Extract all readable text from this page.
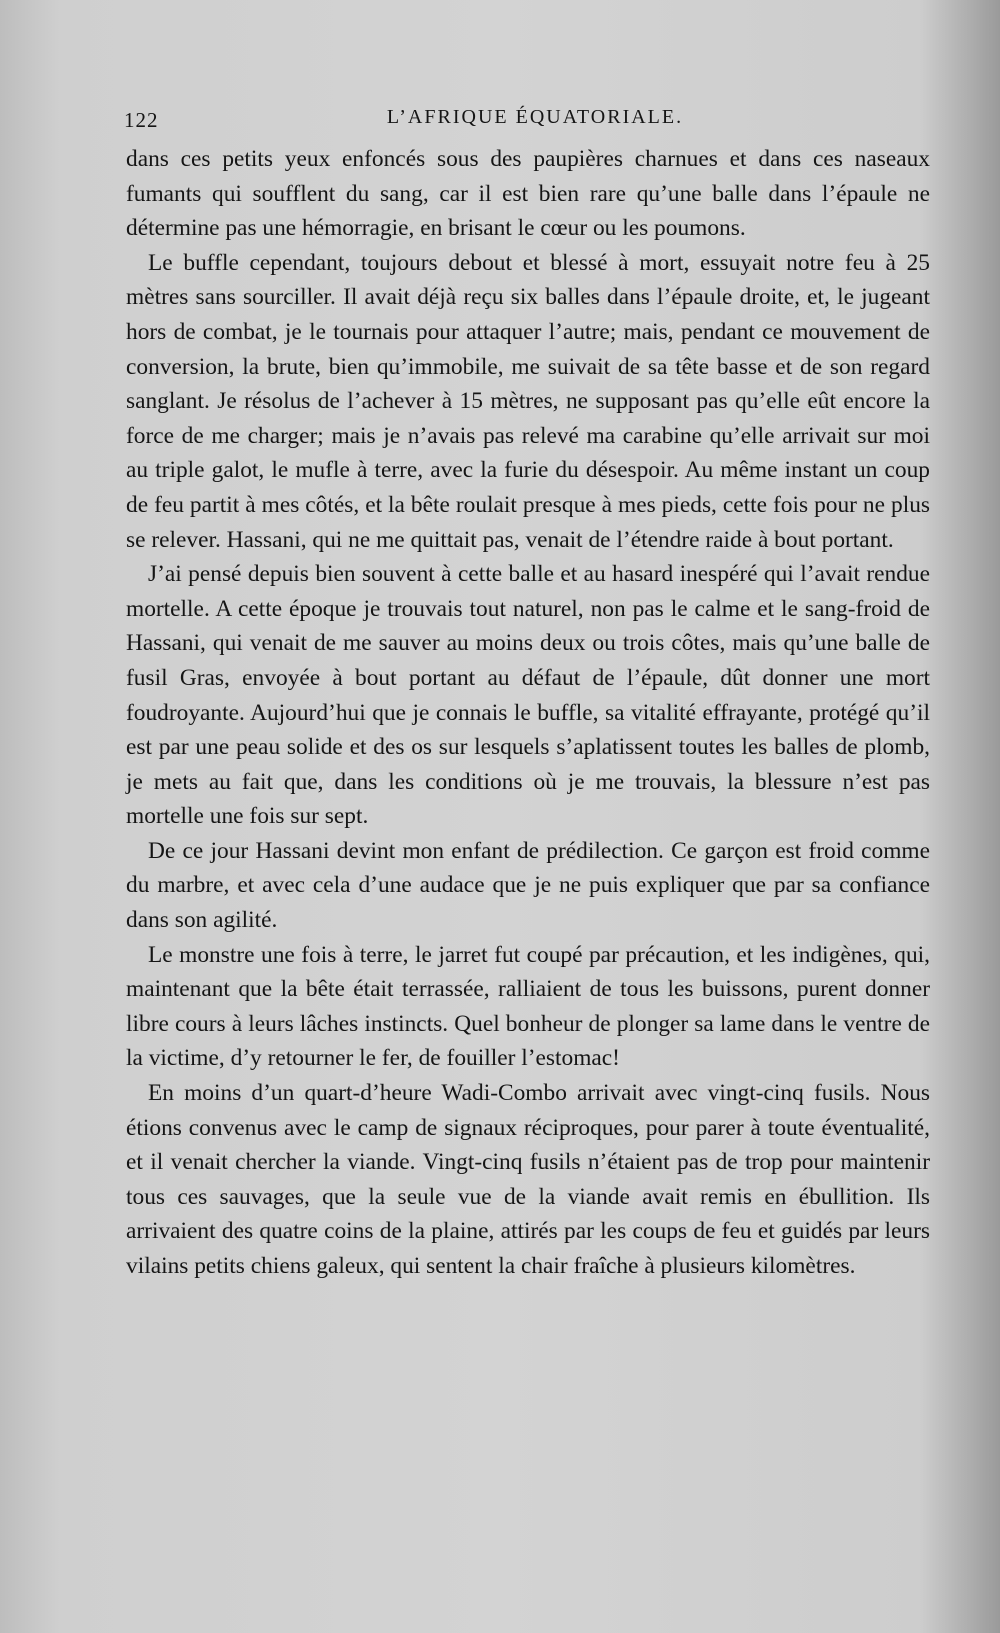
122	L’AFRIQUE ÉQUATORIALE.

dans ces petits yeux enfoncés sous des paupières charnues et dans ces naseaux fumants qui soufflent du sang, car il est bien rare qu’une balle dans l’épaule ne détermine pas une hémorragie, en brisant le cœur ou les poumons.

Le buffle cependant, toujours debout et blessé à mort, essuyait notre feu à 25 mètres sans sourciller. Il avait déjà reçu six balles dans l’épaule droite, et, le jugeant hors de combat, je le tournais pour attaquer l’autre; mais, pendant ce mouvement de conversion, la brute, bien qu’immobile, me suivait de sa tête basse et de son regard sanglant. Je résolus de l’achever à 15 mètres, ne supposant pas qu’elle eût encore la force de me charger; mais je n’avais pas relevé ma carabine qu’elle arrivait sur moi au triple galot, le mufle à terre, avec la furie du désespoir. Au même instant un coup de feu partit à mes côtés, et la bête roulait presque à mes pieds, cette fois pour ne plus se relever. Hassani, qui ne me quittait pas, venait de l’étendre raide à bout portant.

J’ai pensé depuis bien souvent à cette balle et au hasard inespéré qui l’avait rendue mortelle. A cette époque je trouvais tout naturel, non pas le calme et le sang-froid de Hassani, qui venait de me sauver au moins deux ou trois côtes, mais qu’une balle de fusil Gras, envoyée à bout portant au défaut de l’épaule, dût donner une mort foudroyante. Aujourd’hui que je connais le buffle, sa vitalité effrayante, protégé qu’il est par une peau solide et des os sur lesquels s’aplatissent toutes les balles de plomb, je mets au fait que, dans les conditions où je me trouvais, la blessure n’est pas mortelle une fois sur sept.

De ce jour Hassani devint mon enfant de prédilection. Ce garçon est froid comme du marbre, et avec cela d’une audace que je ne puis expliquer que par sa confiance dans son agilité.

Le monstre une fois à terre, le jarret fut coupé par précaution, et les indigènes, qui, maintenant que la bête était terrassée, ralliaient de tous les buissons, purent donner libre cours à leurs lâches instincts. Quel bonheur de plonger sa lame dans le ventre de la victime, d’y retourner le fer, de fouiller l’estomac!

En moins d’un quart-d’heure Wadi-Combo arrivait avec vingt-cinq fusils. Nous étions convenus avec le camp de signaux réciproques, pour parer à toute éventualité, et il venait chercher la viande. Vingt-cinq fusils n’étaient pas de trop pour maintenir tous ces sauvages, que la seule vue de la viande avait remis en ébullition. Ils arrivaient des quatre coins de la plaine, attirés par les coups de feu et guidés par leurs vilains petits chiens galeux, qui sentent la chair fraîche à plusieurs kilomètres.
